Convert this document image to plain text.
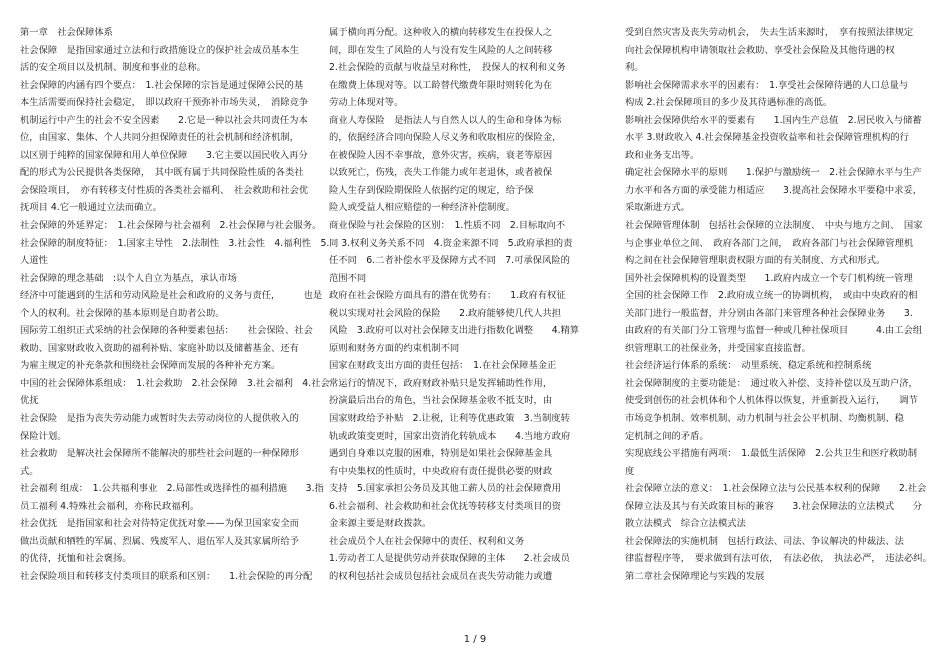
第一章　社会保障体系

社会保障　是指国家通过立法和行政措施设立的保护社会成员基本生

活的安全项目以及机制、制度和事业的总称。

社会保障的内涵有四个要点：　1.社会保障的宗旨是通过保障公民的基

本生活需要而保持社会稳定，　即以政府干预弥补市场失灵，　消除竞争

机制运行中产生的社会不安全因素　　2.它是一种以社会共同责任为本

位，由国家、集体、个人共同分担保障责任的社会机制和经济机制，

以区别于纯粹的国家保障和用人单位保障　　3.它主要以国民收入再分

配的形式为公民提供各类保障，　其中既有属于共同保险性质的各类社

会保险项目，　亦有转移支付性质的各类社会福利、　社会救助和社会优

抚项目 4.它一般通过立法而确立。

社会保障的外延界定：　1.社会保障与社会福利　2.社会保障与社会服务。

社会保障的制度特征：　1.国家主导性　2.法制性　3.社会性　4.福利性　5.

人道性

社会保障的理念基础　:以个人自立为基点，承认市场

经济中可能遇到的生活和劳动风险是社会和政府的义务与责任，　　　也是

个人的权利。社会保障的基本原则是自助者公助。

国际劳工组织正式采纳的社会保障的各种要素包括：　　社会保险、社会

救助、国家财政收入资助的福利补贴、家庭补助以及储蓄基金、还有

为雇主规定的补充条款和围绕社会保障而发展的各种补充方案。

中国的社会保障体系组成：　1.社会救助　2.社会保障　3.社会福利　4.社会

优抚

社会保险　是指为丧失劳动能力或暂时失去劳动岗位的人提供收入的

保险计划。

社会救助　是解决社会保障所不能解决的那些社会问题的一种保障形

式。

社会福利 组成：　1.公共福利事业　2.局部性或选择性的福利措施　　3.指

员工福利 4.特殊社会福利，亦称民政福利。

社会优抚　是指国家和社会对待特定优抚对象——为保卫国家安全而

做出贡献和牺牲的军属、烈属、残废军人、退伍军人及其家属所给予

的优待，抚恤和社会褒扬。

社会保险项目和转移支付类项目的联系和区别：　　1.社会保险的再分配

属于横向再分配。这种收入的横向转移发生在投保人之

间，即在发生了风险的人与没有发生风险的人之间转移

2.社会保险的贡献与收益呈对称性，　投保人的权利和义务

在缴费上体现对等。以工龄替代缴费年限时则转化为在

劳动上体现对等。

商业人寿保险　是指法人与自然人以人的生命和身体为标

的，依据经济合同向保险人尽义务和收取相应的保险金，

在被保险人因不幸事故，意外灾害，疾病，衰老等原因

以致死亡，伤残，丧失工作能力或年老退休，或者被保

险人生存到保险期保险人依据约定的规定，给予保

险人或受益人相应赔偿的一种经济补偿制度。

商业保险与社会保险的区别：　1.性质不同　2.目标取向不

同 3.权利义务关系不同　4.资金来源不同　5.政府承担的责

任不同　6.二者补偿水平及保障方式不同　7.可承保风险的

范围不同

政府在社会保险方面具有的潜在优势有：　　1.政府有权征

税以实现对社会风险的保险　　2.政府能够使几代人共担

风险　3.政府可以对社会保障支出进行指数化调整　　4.精算

原则和财务方面的约束机制不同

国家在财政支出方面的责任包括：　1.在社会保障基金正

常运行的情况下，政府财政补贴只是发挥辅助性作用，

扮演最后出台的角色，当社会保障基金收不抵支时，由

国家财政给予补贴　2.让税，让利等优惠政策　3.当制度转

轨或政策变更时，国家出资消化转轨成本　　4.当地方政府

遇到自身难以克服的困难，特别是如果社会保障基金具

有中央集权的性质时，中央政府有责任提供必要的财政

支持　5.国家承担公务员及其他工薪人员的社会保障费用

6.社会福利、社会救助和社会优抚等转移支付类项目的资

金来源主要是财政拨款。

社会成员个人在社会保障中的责任、权利和义务

1.劳动者工人是提供劳动并获取保障的主体　　2.社会成员

的权利包括社会成员包括社会成员在丧失劳动能力或遭

受到自然灾害及丧失劳动机会，　失去生活来源时，　享有按照法律规定

向社会保障机构申请领取社会救助、享受社会保险及其他待遇的权

利。

影响社会保障需求水平的因素有：　1.享受社会保障待遇的人口总量与

构成 2.社会保障项目的多少及其待遇标准的高低。

影响社会保障供给水平的要素有　　1.国内生产总值　2.居民收入与储蓄

水平 3.财政收入 4.社会保障基金投资收益率和社会保障管理机构的行

政和业务支出等。

确定社会保障水平的原则　　1.保护与激励统一　2.社会保障水平与生产

力水平和各方面的承受能力相适应　　3.提高社会保障水平要稳中求妥，

采取渐进方式。

社会保障管理体制　包括社会保障的立法制度、　中央与地方之间、　国家

与企事业单位之间、　政府各部门之间，　政府各部门与社会保障管理机

构之间在社会保障管理职责权限方面的有关制度、方式和形式。

国外社会保障机构的设置类型　　1.政府内成立一个专门机构统一管理

全国的社会保障工作　2.政府成立统一的协调机构，　或由中央政府的相

关部门进行一般监督，并分别由各部门来管理各种社会保障业务　　3.

由政府的有关部门分工管理与监督一种或几种社保项目　　　4.由工会组

织管理职工的社保业务，并受国家直接监督。

社会经济运行体系的系统：　动里系统、稳定系统和控制系统

社会保障制度的主要功能是：　通过收入补偿、支持补偿以及互助户济，

使受到创伤的社会机体和个人机体得以恢复，并重新投入运行，　　调节

市场竞争机制、效率机制、动力机制与社会公平机制、均衡机制、稳

定机制之间的矛盾。

实现底线公平措施有两项：　1.最低生活保障　2.公共卫生和医疗救助制

度

社会保障立法的意义：　1.社会保障立法与公民基本权利的保障　　2.社会

保障立法及其与有关政策目标的兼容　　3.社会保障法的立法模式　　分

散立法模式　综合立法模式法

社会保障法的实施机制　包括行政法、司法、争议解决的仲裁法、法

律监督程序等，　要求做到有法可依，　有法必依，　执法必严，　违法必纠。

第二章社会保障理论与实践的发展

1 / 9
